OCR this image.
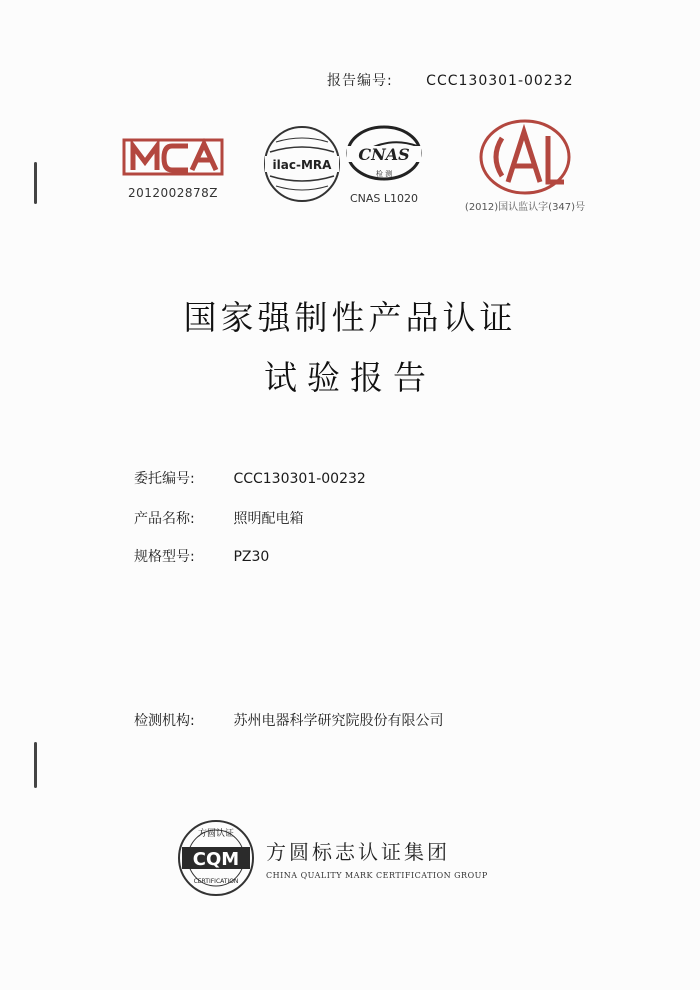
报告编号: CCC130301-00232
2012002878Z
ilac-MRA
CNAS
检 测
CNAS L1020
(2012)国认监认字(347)号
国家强制性产品认证
试验报告
委托编号:	CCC130301-00232
产品名称:	照明配电箱
规格型号:	PZ30
检测机构:	苏州电器科学研究院股份有限公司
方圆认证
CQM
CERTIFICATION
方圆标志认证集团
CHINA QUALITY MARK CERTIFICATION GROUP
